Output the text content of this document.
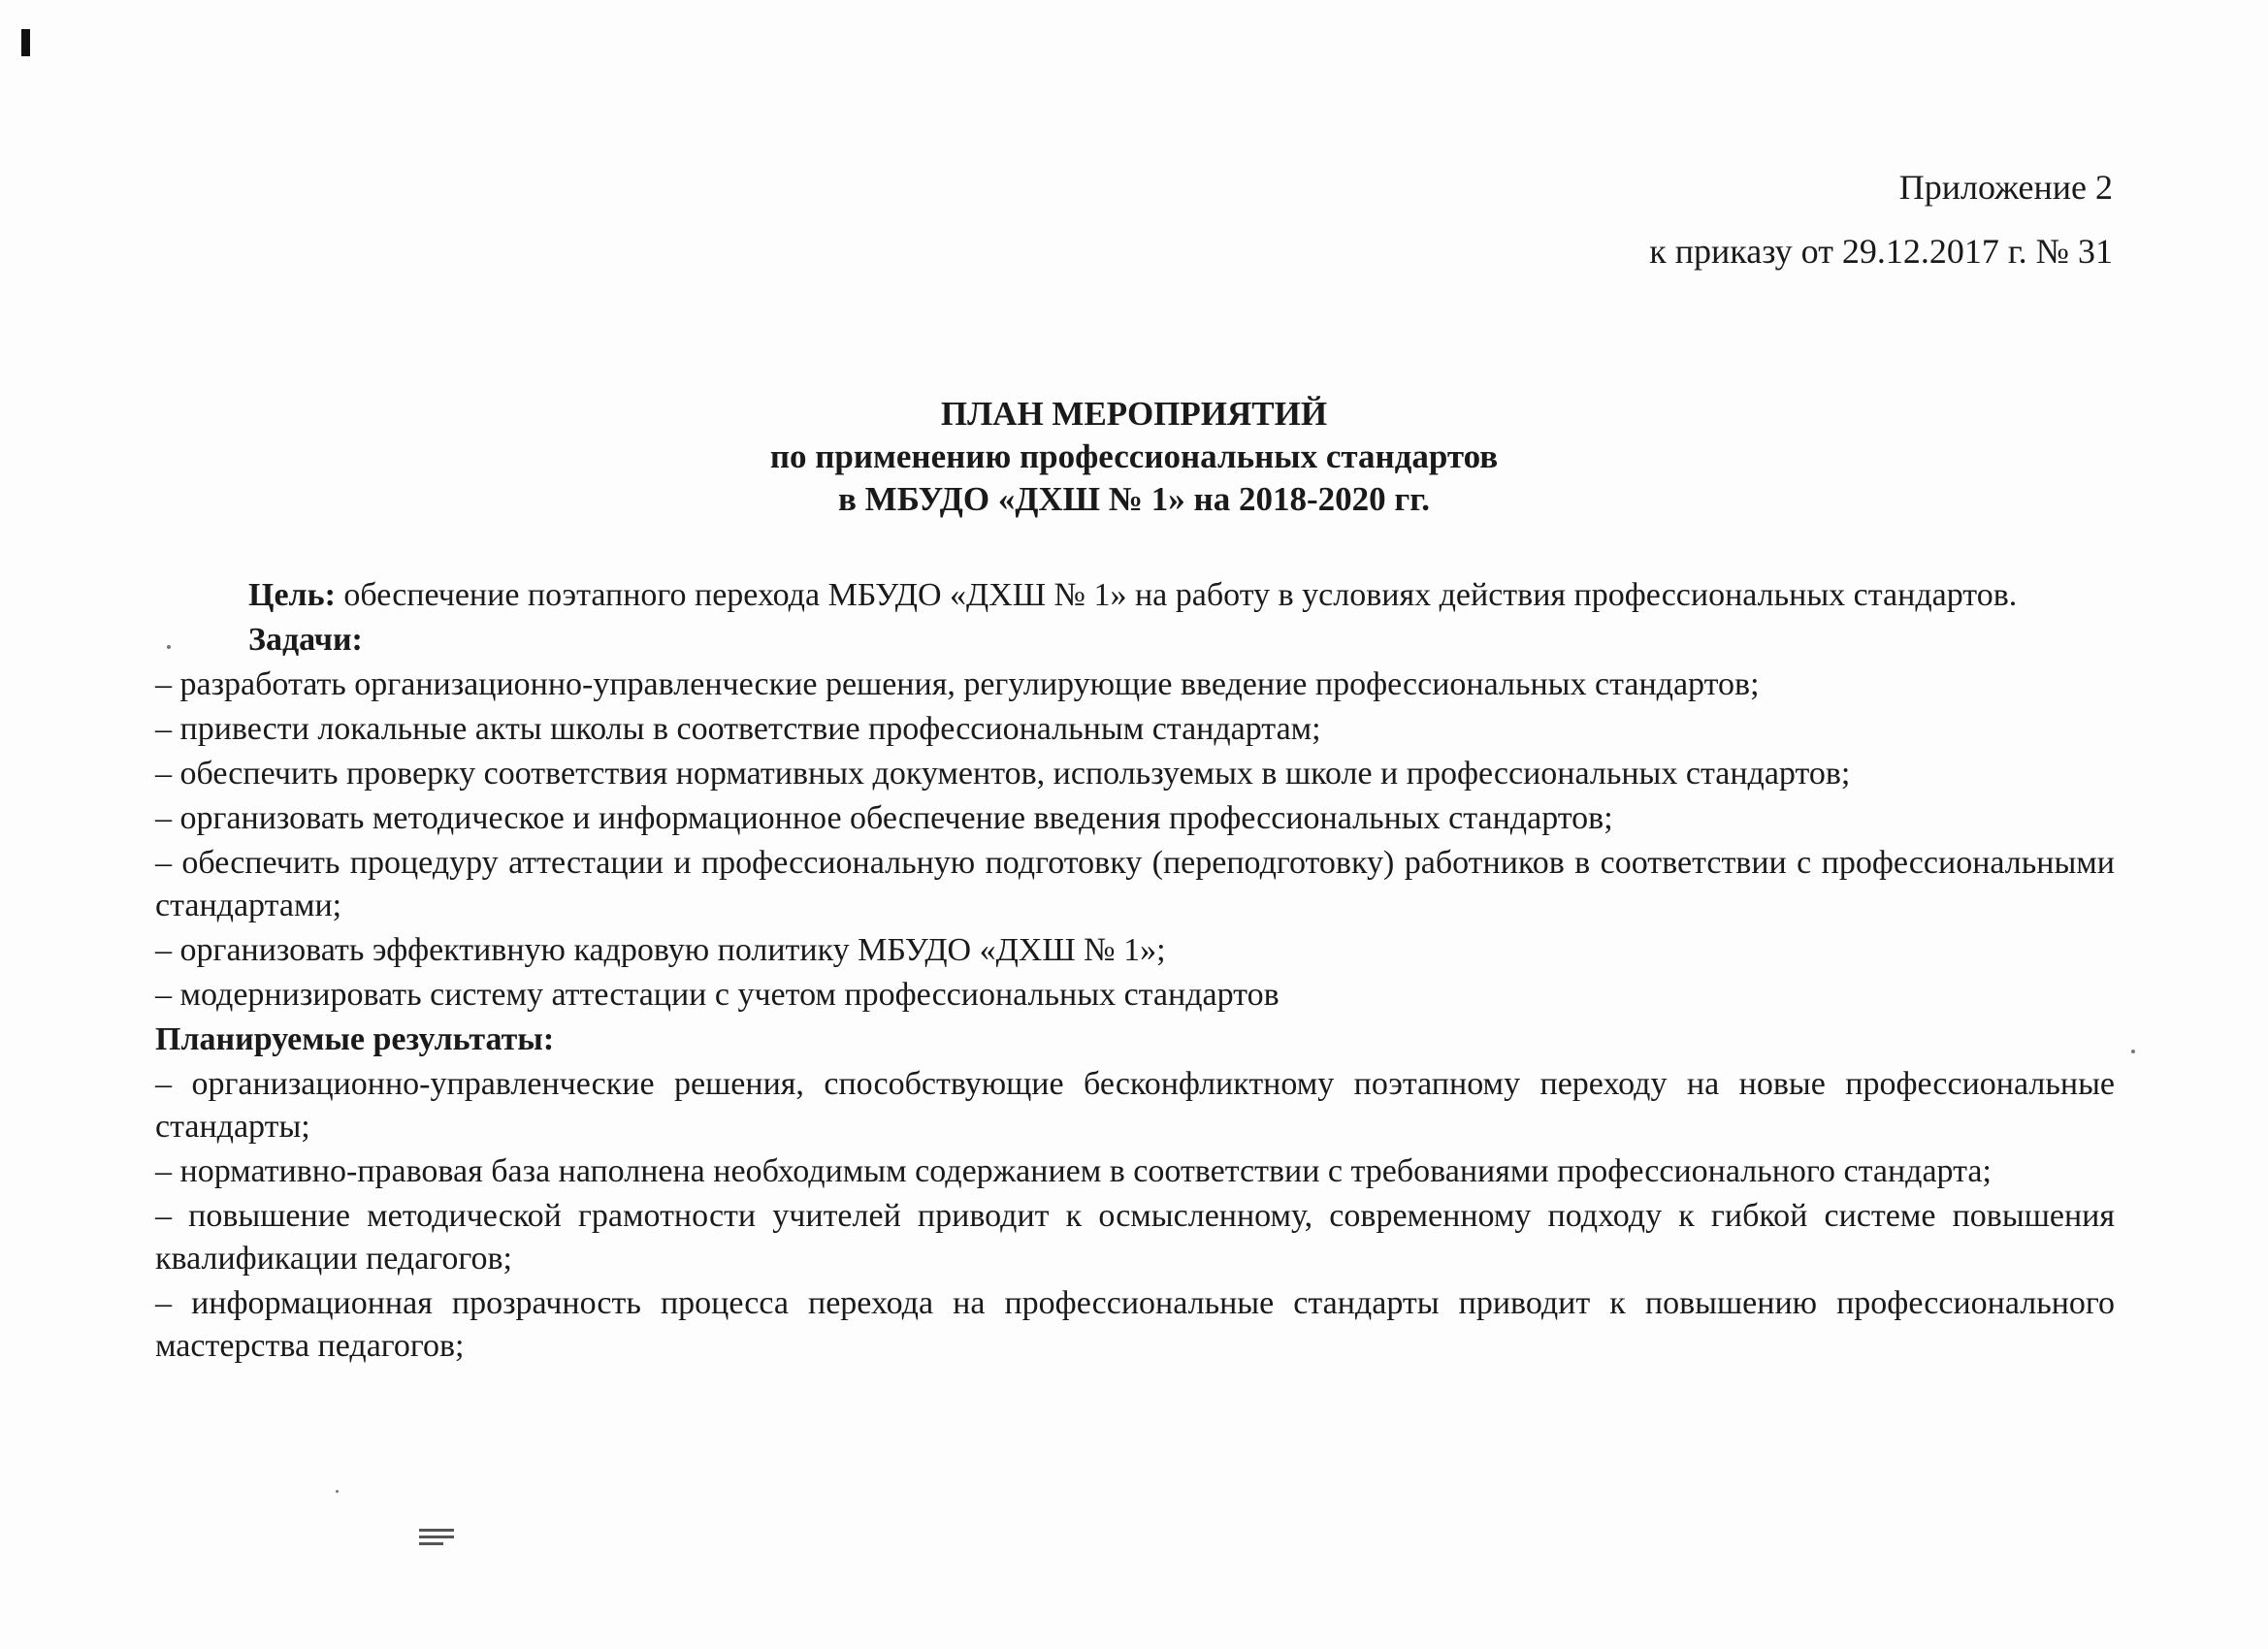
Приложение 2
к приказу от 29.12.2017 г. № 31
ПЛАН МЕРОПРИЯТИЙ
по применению профессиональных стандартов
в МБУДО «ДХШ № 1» на 2018-2020 гг.

Цель: обеспечение поэтапного перехода МБУДО «ДХШ № 1» на работу в условиях действия профессиональных стандартов.

Задачи:

– разработать организационно-управленческие решения, регулирующие введение профессиональных стандартов;

– привести локальные акты школы в соответствие профессиональным стандартам;

– обеспечить проверку соответствия нормативных документов, используемых в школе и профессиональных стандартов;

– организовать методическое и информационное обеспечение введения профессиональных стандартов;

– обеспечить процедуру аттестации и профессиональную подготовку (переподготовку) работников в соответствии с профессиональными стандартами;

– организовать эффективную кадровую политику МБУДО «ДХШ № 1»;

– модернизировать систему аттестации с учетом профессиональных стандартов

Планируемые результаты:

– организационно-управленческие решения, способствующие бесконфликтному поэтапному переходу на новые профессиональные стандарты;

– нормативно-правовая база наполнена необходимым содержанием в соответствии с требованиями профессионального стандарта;

– повышение методической грамотности учителей приводит к осмысленному, современному подходу к гибкой системе повышения квалификации педагогов;

– информационная прозрачность процесса перехода на профессиональные стандарты приводит к повышению профессионального мастерства педагогов;
